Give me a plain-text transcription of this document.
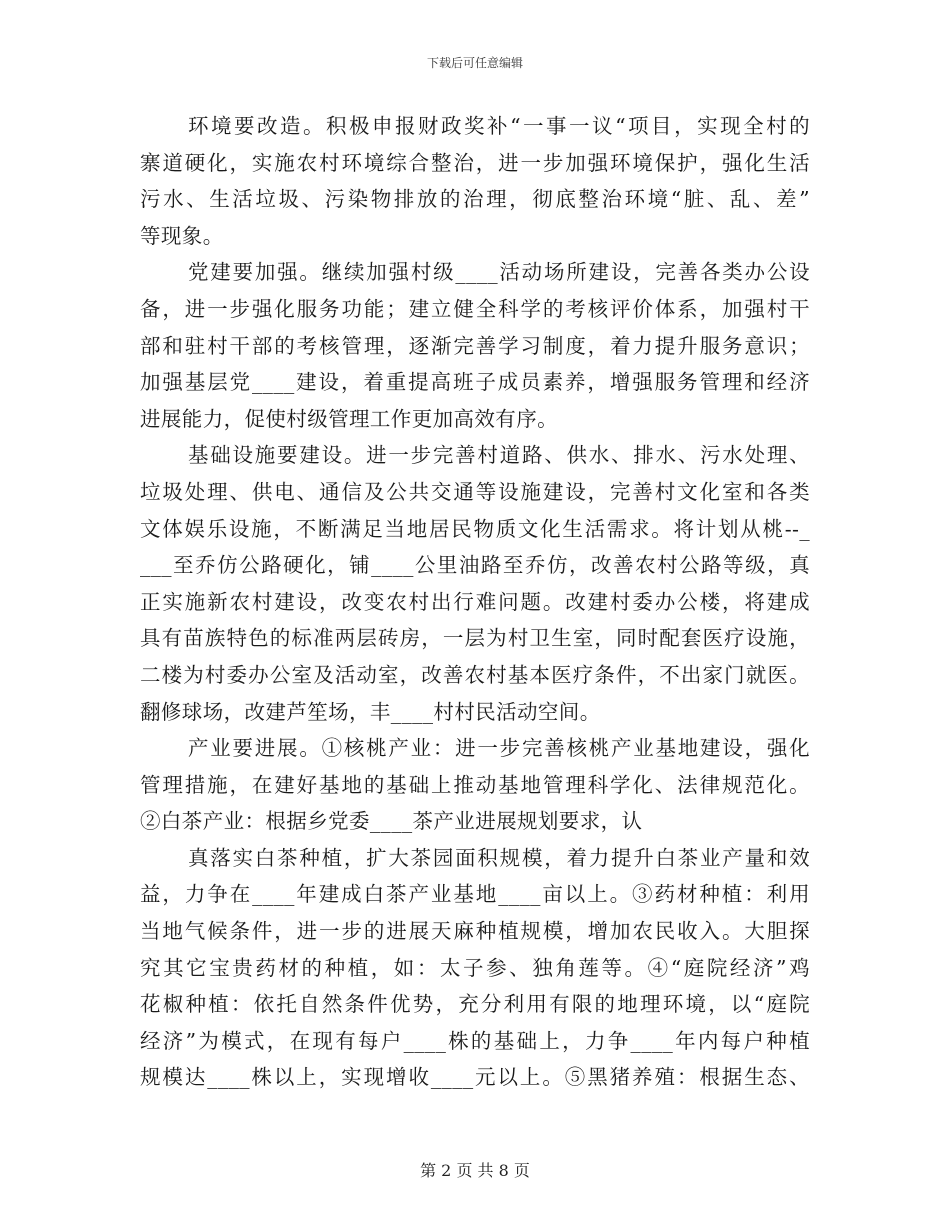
下载后可任意编辑
环境要改造。积极申报财政奖补“一事一议“项目，实现全村的
寨道硬化，实施农村环境综合整治，进一步加强环境保护，强化生活
污水、生活垃圾、污染物排放的治理，彻底整治环境“脏、乱、差”
等现象。
党建要加强。继续加强村级____活动场所建设，完善各类办公设
备，进一步强化服务功能；建立健全科学的考核评价体系，加强村干
部和驻村干部的考核管理，逐渐完善学习制度，着力提升服务意识；
加强基层党____建设，着重提高班子成员素养，增强服务管理和经济
进展能力，促使村级管理工作更加高效有序。
基础设施要建设。进一步完善村道路、供水、排水、污水处理、
垃圾处理、供电、通信及公共交通等设施建设，完善村文化室和各类
文体娱乐设施，不断满足当地居民物质文化生活需求。将计划从桃--_
___至乔仿公路硬化，铺____公里油路至乔仿，改善农村公路等级，真
正实施新农村建设，改变农村出行难问题。改建村委办公楼，将建成
具有苗族特色的标准两层砖房，一层为村卫生室，同时配套医疗设施，
二楼为村委办公室及活动室，改善农村基本医疗条件，不出家门就医。
翻修球场，改建芦笙场，丰____村村民活动空间。
产业要进展。①核桃产业：进一步完善核桃产业基地建设，强化
管理措施，在建好基地的基础上推动基地管理科学化、法律规范化。
②白茶产业：根据乡党委____茶产业进展规划要求，认
真落实白茶种植，扩大茶园面积规模，着力提升白茶业产量和效
益，力争在____年建成白茶产业基地____亩以上。③药材种植：利用
当地气候条件，进一步的进展天麻种植规模，增加农民收入。大胆探
究其它宝贵药材的种植，如：太子参、独角莲等。④“庭院经济”鸡
花椒种植：依托自然条件优势，充分利用有限的地理环境，以“庭院
经济”为模式，在现有每户____株的基础上，力争____年内每户种植
规模达____株以上，实现增收____元以上。⑤黑猪养殖：根据生态、
第 2 页 共 8 页
